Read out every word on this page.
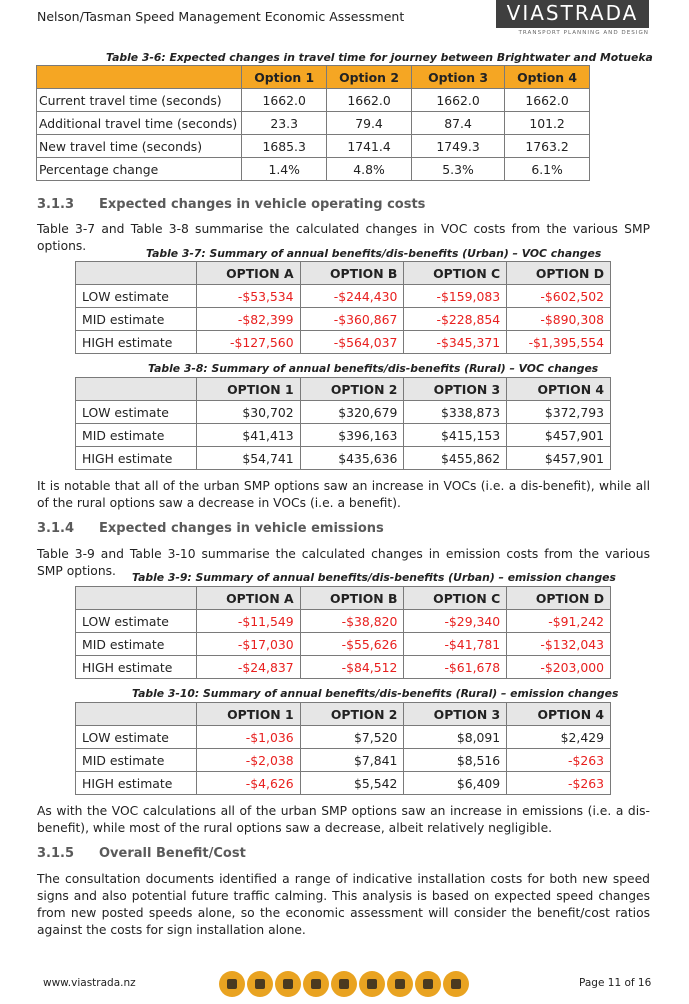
Nelson/Tasman Speed Management Economic Assessment	VIASTRADA
TRANSPORT PLANNING AND DESIGN
Table 3-6: Expected changes in travel time for journey between Brightwater and Motueka
	Option 1	Option 2	Option 3	Option 4
Current travel time (seconds)	1662.0	1662.0	1662.0	1662.0
Additional travel time (seconds)	23.3	79.4	87.4	101.2
New travel time (seconds)	1685.3	1741.4	1749.3	1763.2
Percentage change	1.4%	4.8%	5.3%	6.1%
3.1.3 Expected changes in vehicle operating costs
Table 3-7 and Table 3-8 summarise the calculated changes in VOC costs from the various SMP options.
Table 3-7: Summary of annual benefits/dis-benefits (Urban) – VOC changes
	OPTION A	OPTION B	OPTION C	OPTION D
LOW estimate	-$53,534	-$244,430	-$159,083	-$602,502
MID estimate	-$82,399	-$360,867	-$228,854	-$890,308
HIGH estimate	-$127,560	-$564,037	-$345,371	-$1,395,554
Table 3-8: Summary of annual benefits/dis-benefits (Rural) – VOC changes
	OPTION 1	OPTION 2	OPTION 3	OPTION 4
LOW estimate	$30,702	$320,679	$338,873	$372,793
MID estimate	$41,413	$396,163	$415,153	$457,901
HIGH estimate	$54,741	$435,636	$455,862	$457,901
It is notable that all of the urban SMP options saw an increase in VOCs (i.e. a dis-benefit), while all of the rural options saw a decrease in VOCs (i.e. a benefit).
3.1.4 Expected changes in vehicle emissions
Table 3-9 and Table 3-10 summarise the calculated changes in emission costs from the various SMP options.	Table 3-9: Summary of annual benefits/dis-benefits (Urban) – emission changes
	OPTION A	OPTION B	OPTION C	OPTION D
LOW estimate	-$11,549	-$38,820	-$29,340	-$91,242
MID estimate	-$17,030	-$55,626	-$41,781	-$132,043
HIGH estimate	-$24,837	-$84,512	-$61,678	-$203,000
Table 3-10: Summary of annual benefits/dis-benefits (Rural) – emission changes
	OPTION 1	OPTION 2	OPTION 3	OPTION 4
LOW estimate	-$1,036	$7,520	$8,091	$2,429
MID estimate	-$2,038	$7,841	$8,516	-$263
HIGH estimate	-$4,626	$5,542	$6,409	-$263
As with the VOC calculations all of the urban SMP options saw an increase in emissions (i.e. a dis-benefit), while most of the rural options saw a decrease, albeit relatively negligible.
3.1.5 Overall Benefit/Cost
The consultation documents identified a range of indicative installation costs for both new speed signs and also potential future traffic calming. This analysis is based on expected speed changes from new posted speeds alone, so the economic assessment will consider the benefit/cost ratios against the costs for sign installation alone.
www.viastrada.nz	Page 11 of 16
